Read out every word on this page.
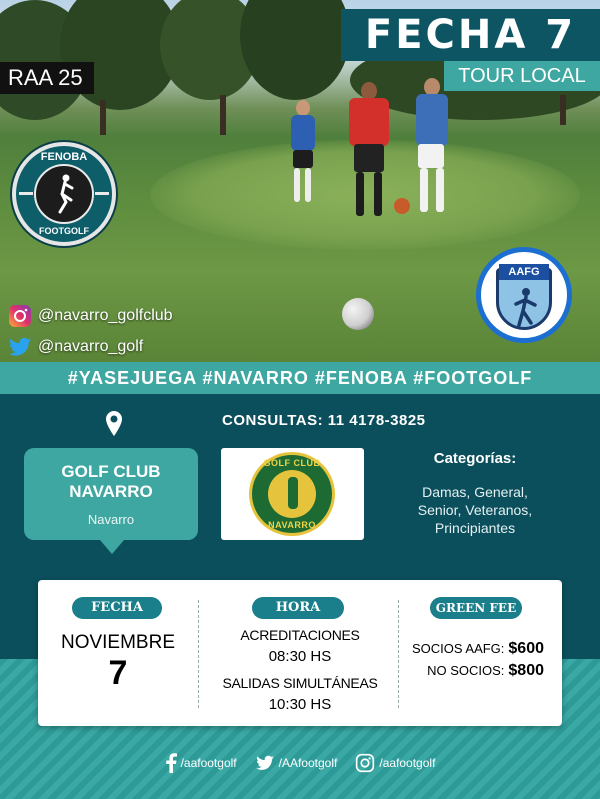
FECHA 7
TOUR LOCAL
RAA 25
FENOBA
FOOTGOLF
AAFG
@navarro_golfclub
@navarro_golf
#YASEJUEGA #NAVARRO #FENOBA #FOOTGOLF
CONSULTAS: 11 4178-3825
GOLF CLUB
NAVARRO
Navarro
GOLF CLUB
NAVARRO
Categorías:
Damas, General, Senior, Veteranos, Principiantes
FECHA
NOVIEMBRE
7
HORA
ACREDITACIONES
08:30 HS
SALIDAS SIMULTÁNEAS
10:30 HS
GREEN FEE
SOCIOS AAFG: $600
NO SOCIOS: $800
/aafootgolf	/AAfootgolf	/aafootgolf
